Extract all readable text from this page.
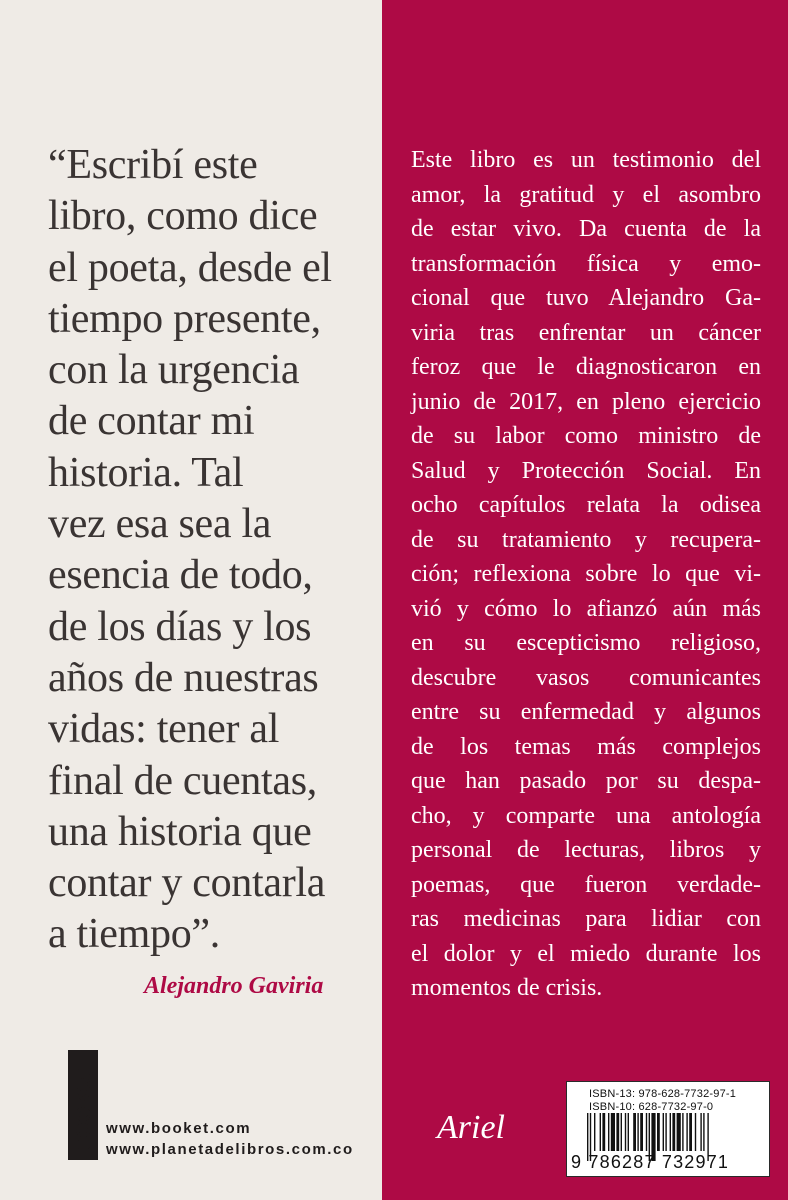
“Escribí este
libro, como dice
el poeta, desde el
tiempo presente,
con la urgencia
de contar mi
historia. Tal
vez esa sea la
esencia de todo,
de los días y los
años de nuestras
vidas: tener al
final de cuentas,
una historia que
contar y contarla
a tiempo”.

Alejandro Gaviria
booket www.booket.com
www.planetadelibros.com.co

Este libro es un testimonio del
amor, la gratitud y el asombro
de estar vivo. Da cuenta de la
transformación física y emo-
cional que tuvo Alejandro Ga-
viria tras enfrentar un cáncer
feroz que le diagnosticaron en
junio de 2017, en pleno ejercicio
de su labor como ministro de
Salud y Protección Social. En
ocho capítulos relata la odisea
de su tratamiento y recupera-
ción; reflexiona sobre lo que vi-
vió y cómo lo afianzó aún más
en su escepticismo religioso,
descubre vasos comunicantes
entre su enfermedad y algunos
de los temas más complejos
que han pasado por su despa-
cho, y comparte una antología
personal de lecturas, libros y
poemas, que fueron verdade-
ras medicinas para lidiar con
el dolor y el miedo durante los
momentos de crisis.

Ariel
ISBN-13: 978-628-7732-97-1
ISBN-10: 628-7732-97-0
9 786287 732971
